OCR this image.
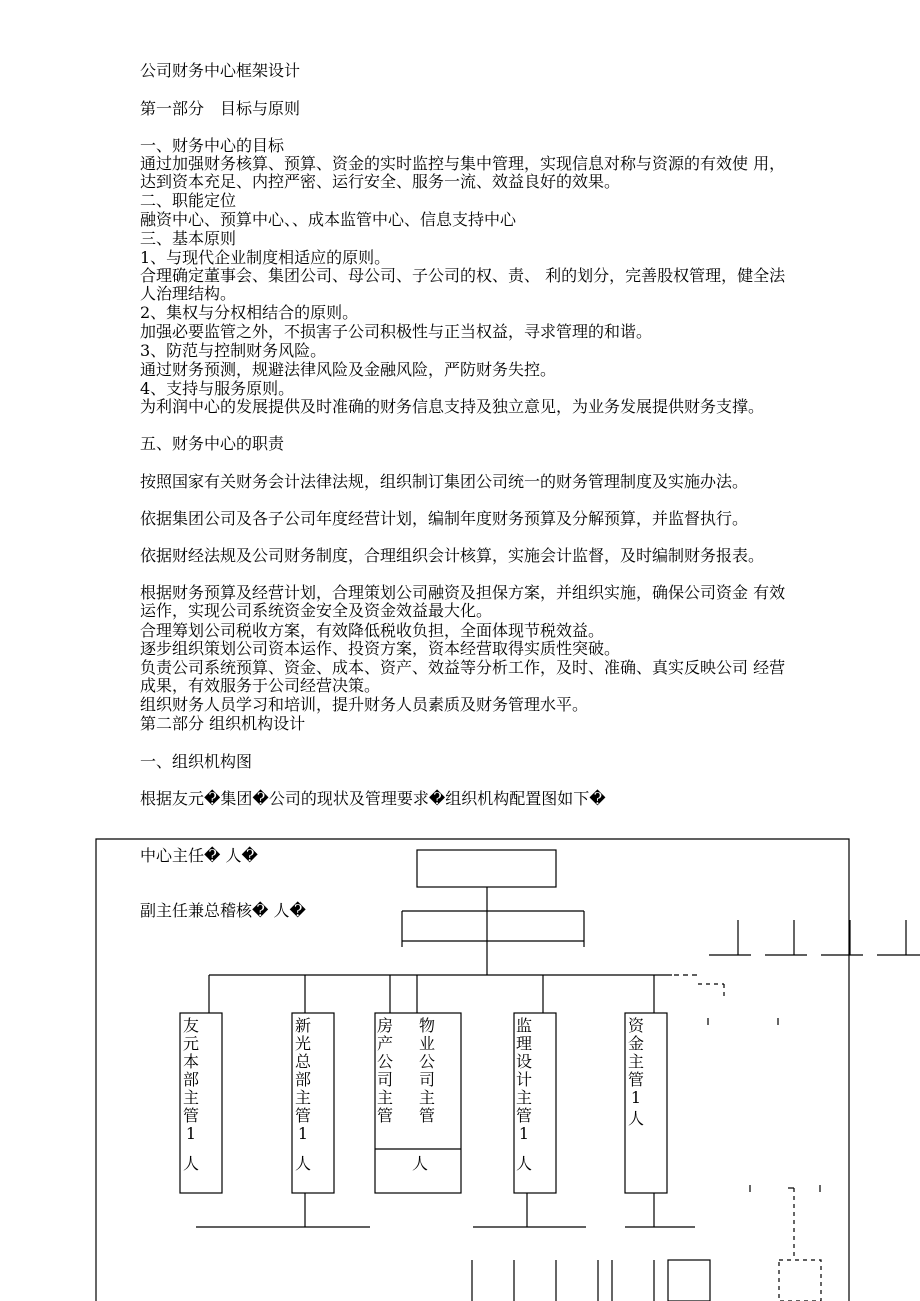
公司财务中心框架设计
第一部分　目标与原则
一、财务中心的目标
通过加强财务核算、预算、资金的实时监控与集中管理，实现信息对称与资源的有效使 用，达到资本充足、内控严密、运行安全、服务一流、效益良好的效果。
二、职能定位
融资中心、预算中心、、成本监管中心、信息支持中心
三、基本原则
1、与现代企业制度相适应的原则。
合理确定董事会、集团公司、母公司、子公司的权、责、 利的划分，完善股权管理，健全法人治理结构。
2、集权与分权相结合的原则。
加强必要监管之外，不损害子公司积极性与正当权益，寻求管理的和谐。
3、防范与控制财务风险。
通过财务预测，规避法律风险及金融风险，严防财务失控。
4、支持与服务原则。
为利润中心的发展提供及时准确的财务信息支持及独立意见，为业务发展提供财务支撑。
五、财务中心的职责
按照国家有关财务会计法律法规，组织制订集团公司统一的财务管理制度及实施办法。
依据集团公司及各子公司年度经营计划，编制年度财务预算及分解预算，并监督执行。
依据财经法规及公司财务制度，合理组织会计核算，实施会计监督，及时编制财务报表。
根据财务预算及经营计划，合理策划公司融资及担保方案，并组织实施，确保公司资金 有效运作，实现公司系统资金安全及资金效益最大化。
合理筹划公司税收方案，有效降低税收负担，全面体现节税效益。
逐步组织策划公司资本运作、投资方案，资本经营取得实质性突破。
负责公司系统预算、资金、成本、资产、效益等分析工作，及时、准确、真实反映公司 经营成果，有效服务于公司经营决策。
组织财务人员学习和培训，提升财务人员素质及财务管理水平。
第二部分 组织机构设计
一、组织机构图
根据友元�集团�公司的现状及管理要求�组织机构配置图如下�
中心主任� 人�
副主任兼总稽核� 人�
友元本部主管1
人
新光总部主管1
人
房产公司主管
物业公司主管
人
监理设计主管1
人
资金主管1
人
